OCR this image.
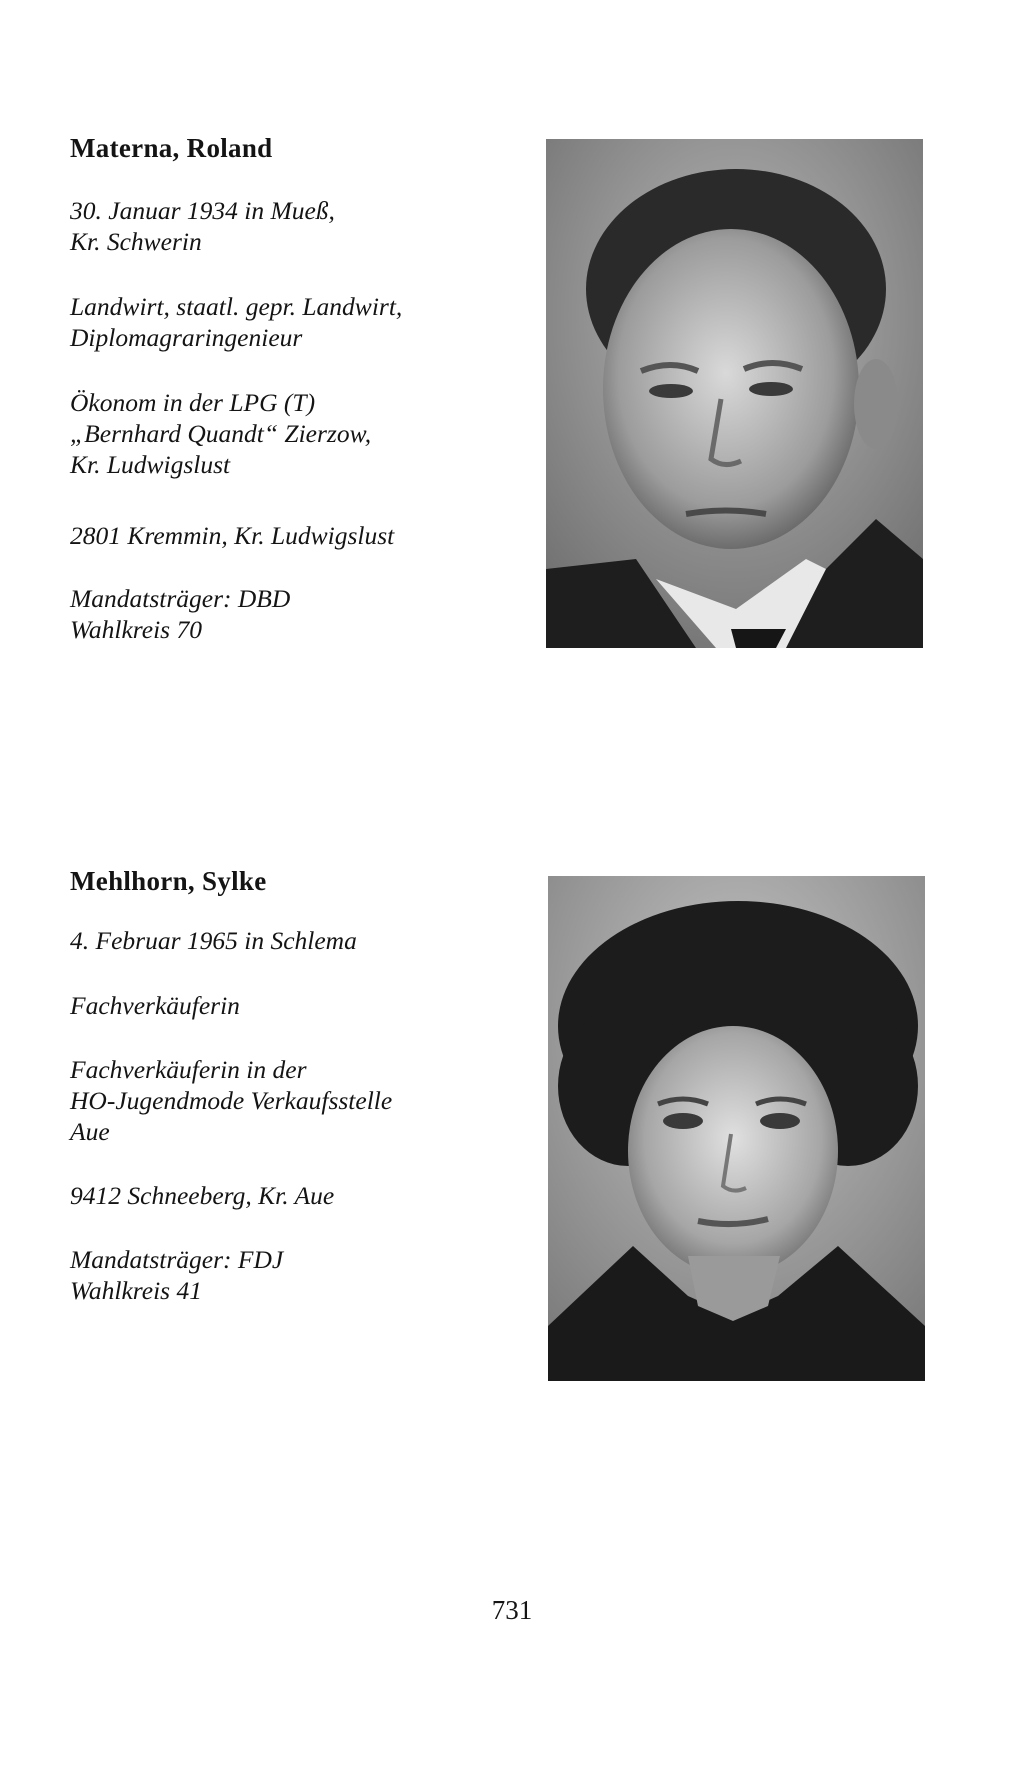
Materna, Roland
30. Januar 1934 in Mueß,
Kr. Schwerin
Landwirt, staatl. gepr. Landwirt,
Diplomagraringenieur
Ökonom in der LPG (T)
„Bernhard Quandt“ Zierzow,
Kr. Ludwigslust
2801 Kremmin, Kr. Ludwigslust
Mandatsträger: DBD
Wahlkreis 70
Mehlhorn, Sylke
4. Februar 1965 in Schlema
Fachverkäuferin
Fachverkäuferin in der
HO-Jugendmode Verkaufsstelle
Aue
9412 Schneeberg, Kr. Aue
Mandatsträger: FDJ
Wahlkreis 41
731
